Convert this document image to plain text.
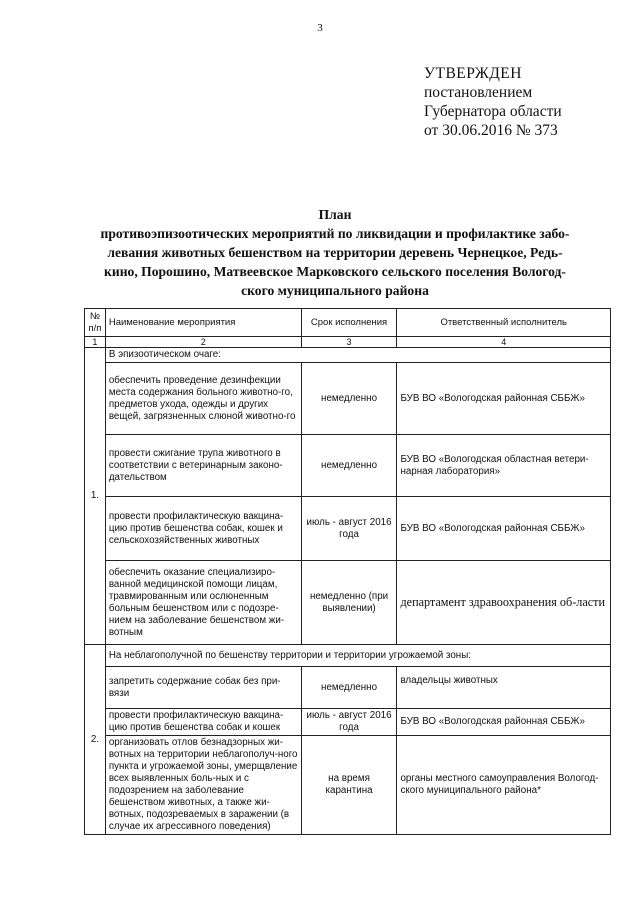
3
УТВЕРЖДЕН
постановлением
Губернатора области
от 30.06.2016 № 373
План
противоэпизоотических мероприятий по ликвидации и профилактике забо-
левания животных бешенством на территории деревень Чернецкое, Редь-
кино, Порошино, Матвеевское Марковского сельского поселения Вологод-
ского муниципального района
№ п/п	Наименование мероприятия	Срок исполнения	Ответственный исполнитель
1	2	3	4
1.	В эпизоотическом очаге:		
	обеспечить проведение дезинфекции места содержания больного животно-го, предметов ухода, одежды и других вещей, загрязненных слюной животно-го	немедленно	БУВ ВО «Вологодская районная СББЖ»
	провести сжигание трупа животного в соответствии с ветеринарным законо-дательством	немедленно	БУВ ВО «Вологодская областная ветери-нарная лаборатория»
	провести профилактическую вакцина-цию против бешенства собак, кошек и сельскохозяйственных животных	июль - август 2016 года	БУВ ВО «Вологодская районная СББЖ»
	обеспечить оказание специализиро-ванной медицинской помощи лицам, травмированным или ослюненным больным бешенством или с подозре-нием на заболевание бешенством жи-вотным	немедленно (при выявлении)	департамент здравоохранения об-ласти
2.	На неблагополучной по бешенству территории и территории угрожаемой зоны:		
	запретить содержание собак без при-вязи	немедленно	владельцы животных
	провести профилактическую вакцина-цию против бешенства собак и кошек	июль - август 2016 года	БУВ ВО «Вологодская районная СББЖ»
	организовать отлов безнадзорных жи-вотных на территории неблагополуч-ного пункта и угрожаемой зоны, умерщвление всех выявленных боль-ных и с подозрением на заболевание бешенством животных, а также жи-вотных, подозреваемых в заражении (в случае их агрессивного поведения)	на время карантина	органы местного самоуправления Вологод-ского муниципального района*
